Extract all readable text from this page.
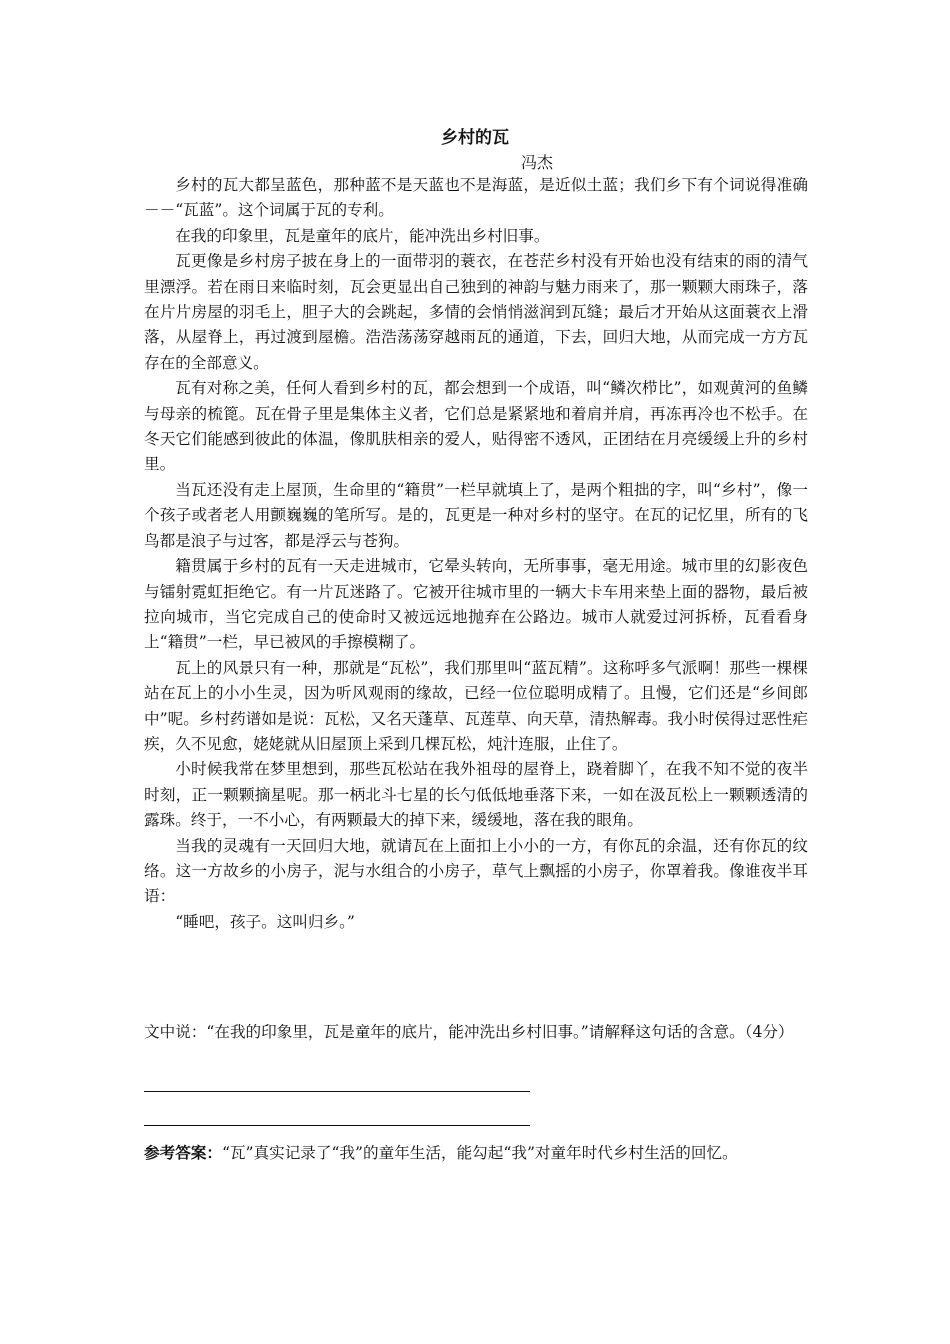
乡村的瓦
冯杰

乡村的瓦大都呈蓝色，那种蓝不是天蓝也不是海蓝，是近似土蓝；我们乡下有个词说得准确－－“瓦蓝”。这个词属于瓦的专利。

在我的印象里，瓦是童年的底片，能冲洗出乡村旧事。

瓦更像是乡村房子披在身上的一面带羽的蓑衣，在苍茫乡村没有开始也没有结束的雨的清气里漂浮。若在雨日来临时刻，瓦会更显出自己独到的神韵与魅力雨来了，那一颗颗大雨珠子，落在片片房屋的羽毛上，胆子大的会跳起，多情的会悄悄滋润到瓦缝；最后才开始从这面蓑衣上滑落，从屋脊上，再过渡到屋檐。浩浩荡荡穿越雨瓦的通道，下去，回归大地，从而完成一方方瓦存在的全部意义。

瓦有对称之美，任何人看到乡村的瓦，都会想到一个成语，叫“鳞次栉比”，如观黄河的鱼鳞与母亲的梳篦。瓦在骨子里是集体主义者，它们总是紧紧地和着肩并肩，再冻再冷也不松手。在冬天它们能感到彼此的体温，像肌肤相亲的爱人，贴得密不透风，正团结在月亮缓缓上升的乡村里。

当瓦还没有走上屋顶，生命里的“籍贯”一栏早就填上了，是两个粗拙的字，叫“乡村”，像一个孩子或者老人用颤巍巍的笔所写。是的，瓦更是一种对乡村的坚守。在瓦的记忆里，所有的飞鸟都是浪子与过客，都是浮云与苍狗。

籍贯属于乡村的瓦有一天走进城市，它晕头转向，无所事事，毫无用途。城市里的幻影夜色与镭射霓虹拒绝它。有一片瓦迷路了。它被开往城市里的一辆大卡车用来垫上面的器物，最后被拉向城市，当它完成自己的使命时又被远远地抛弃在公路边。城市人就爱过河拆桥，瓦看看身上“籍贯”一栏，早已被风的手擦模糊了。

瓦上的风景只有一种，那就是“瓦松”，我们那里叫“蓝瓦精”。这称呼多气派啊！那些一棵棵站在瓦上的小小生灵，因为听风观雨的缘故，已经一位位聪明成精了。且慢，它们还是“乡间郎中”呢。乡村药谱如是说：瓦松，又名天蓬草、瓦莲草、向天草，清热解毒。我小时侯得过恶性疟疾，久不见愈，姥姥就从旧屋顶上采到几棵瓦松，炖汁连服，止住了。

小时候我常在梦里想到，那些瓦松站在我外祖母的屋脊上，跷着脚丫，在我不知不觉的夜半时刻，正一颗颗摘星呢。那一柄北斗七星的长勺低低地垂落下来，一如在汲瓦松上一颗颗透清的露珠。终于，一不小心，有两颗最大的掉下来，缓缓地，落在我的眼角。

当我的灵魂有一天回归大地，就请瓦在上面扣上小小的一方，有你瓦的余温，还有你瓦的纹络。这一方故乡的小房子，泥与水组合的小房子，草气上飘摇的小房子，你罩着我。像谁夜半耳语：

“睡吧，孩子。这叫归乡。”

文中说：“在我的印象里，瓦是童年的底片，能冲洗出乡村旧事。”请解释这句话的含意。（4分）
参考答案：“瓦”真实记录了“我”的童年生活，能勾起“我”对童年时代乡村生活的回忆。
